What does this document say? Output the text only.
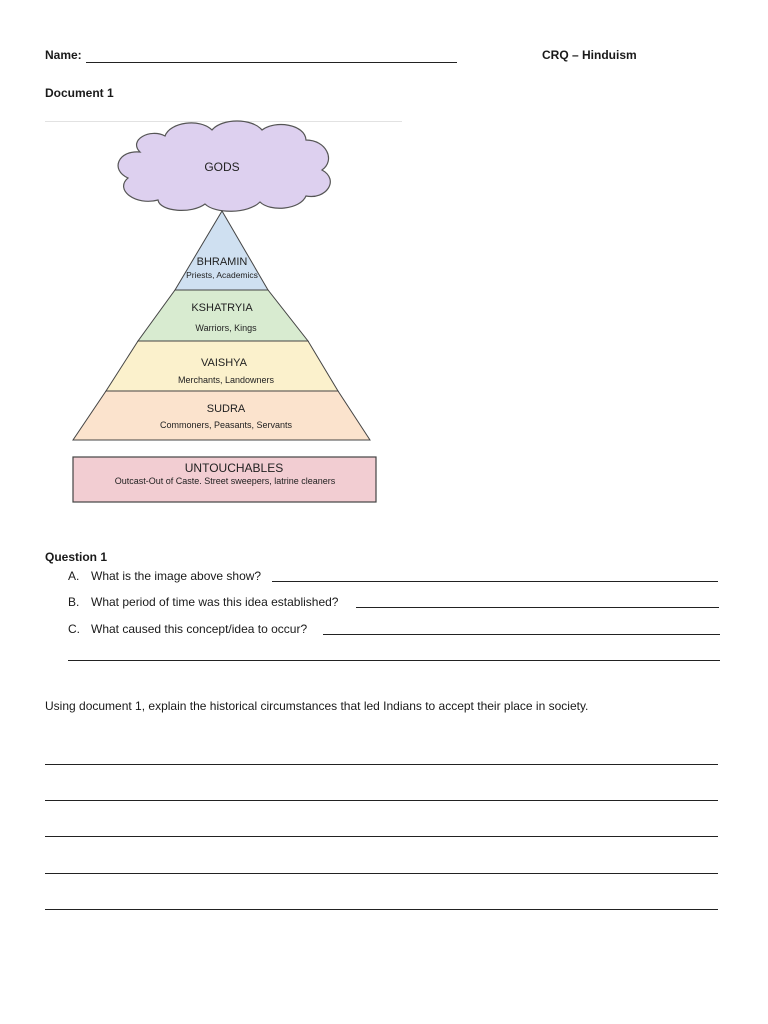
Name:	CRQ – Hinduism
Document 1
GODS
BHRAMIN
Priests, Academics
KSHATRYIA
Warriors, Kings
VAISHYA
Merchants, Landowners
SUDRA
Commoners, Peasants, Servants
UNTOUCHABLES
Outcast-Out of Caste. Street sweepers, latrine cleaners
Question 1
A. What is the image above show?
B. What period of time was this idea established?
C. What caused this concept/idea to occur?
Using document 1, explain the historical circumstances that led Indians to accept their place in society.
